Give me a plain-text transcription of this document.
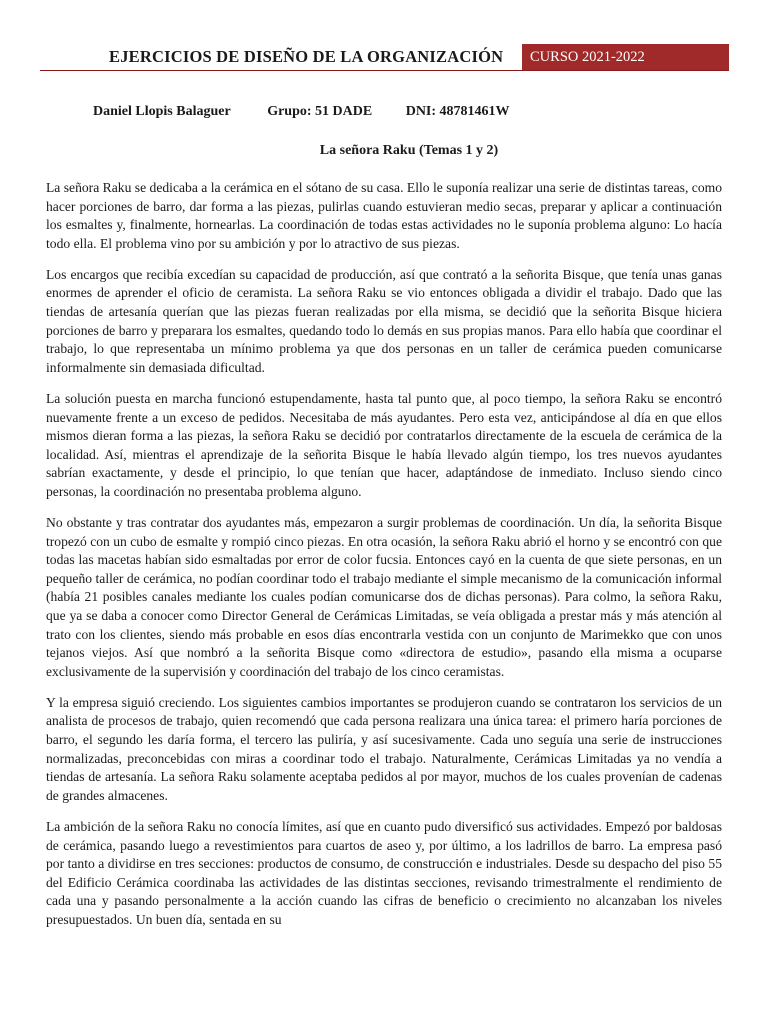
EJERCICIOS DE DISEÑO DE LA ORGANIZACIÓN	CURSO 2021-2022
Daniel Llopis Balaguer	Grupo: 51 DADE DNI: 48781461W
La señora Raku (Temas 1 y 2)

La señora Raku se dedicaba a la cerámica en el sótano de su casa. Ello le suponía realizar una serie de distintas tareas, como hacer porciones de barro, dar forma a las piezas, pulirlas cuando estuvieran medio secas, preparar y aplicar a continuación los esmaltes y, finalmente, hornearlas. La coordinación de todas estas actividades no le suponía problema alguno: Lo hacía todo ella. El problema vino por su ambición y por lo atractivo de sus piezas.

Los encargos que recibía excedían su capacidad de producción, así que contrató a la señorita Bisque, que tenía unas ganas enormes de aprender el oficio de ceramista. La señora Raku se vio entonces obligada a dividir el trabajo. Dado que las tiendas de artesanía querían que las piezas fueran realizadas por ella misma, se decidió que la señorita Bisque hiciera porciones de barro y preparara los esmaltes, quedando todo lo demás en sus propias manos. Para ello había que coordinar el trabajo, lo que representaba un mínimo problema ya que dos personas en un taller de cerámica pueden comunicarse informalmente sin demasiada dificultad.

La solución puesta en marcha funcionó estupendamente, hasta tal punto que, al poco tiempo, la señora Raku se encontró nuevamente frente a un exceso de pedidos. Necesitaba de más ayudantes. Pero esta vez, anticipándose al día en que ellos mismos dieran forma a las piezas, la señora Raku se decidió por contratarlos directamente de la escuela de cerámica de la localidad. Así, mientras el aprendizaje de la señorita Bisque le había llevado algún tiempo, los tres nuevos ayudantes sabrían exactamente, y desde el principio, lo que tenían que hacer, adaptándose de inmediato. Incluso siendo cinco personas, la coordinación no presentaba problema alguno.

No obstante y tras contratar dos ayudantes más, empezaron a surgir problemas de coordinación. Un día, la señorita Bisque tropezó con un cubo de esmalte y rompió cinco piezas. En otra ocasión, la señora Raku abrió el horno y se encontró con que todas las macetas habían sido esmaltadas por error de color fucsia. Entonces cayó en la cuenta de que siete personas, en un pequeño taller de cerámica, no podían coordinar todo el trabajo mediante el simple mecanismo de la comunicación informal (había 21 posibles canales mediante los cuales podían comunicarse dos de dichas personas). Para colmo, la señora Raku, que ya se daba a conocer como Director General de Cerámicas Limitadas, se veía obligada a prestar más y más atención al trato con los clientes, siendo más probable en esos días encontrarla vestida con un conjunto de Marimekko que con unos tejanos viejos. Así que nombró a la señorita Bisque como «directora de estudio», pasando ella misma a ocuparse exclusivamente de la supervisión y coordinación del trabajo de los cinco ceramistas.

Y la empresa siguió creciendo. Los siguientes cambios importantes se produjeron cuando se contrataron los servicios de un analista de procesos de trabajo, quien recomendó que cada persona realizara una única tarea: el primero haría porciones de barro, el segundo les daría forma, el tercero las puliría, y así sucesivamente. Cada uno seguía una serie de instrucciones normalizadas, preconcebidas con miras a coordinar todo el trabajo. Naturalmente, Cerámicas Limitadas ya no vendía a tiendas de artesanía. La señora Raku solamente aceptaba pedidos al por mayor, muchos de los cuales provenían de cadenas de grandes almacenes.

La ambición de la señora Raku no conocía límites, así que en cuanto pudo diversificó sus actividades. Empezó por baldosas de cerámica, pasando luego a revestimientos para cuartos de aseo y, por último, a los ladrillos de barro. La empresa pasó por tanto a dividirse en tres secciones: productos de consumo, de construcción e industriales. Desde su despacho del piso 55 del Edificio Cerámica coordinaba las actividades de las distintas secciones, revisando trimestralmente el rendimiento de cada una y pasando personalmente a la acción cuando las cifras de beneficio o crecimiento no alcanzaban los niveles presupuestados. Un buen día, sentada en su
